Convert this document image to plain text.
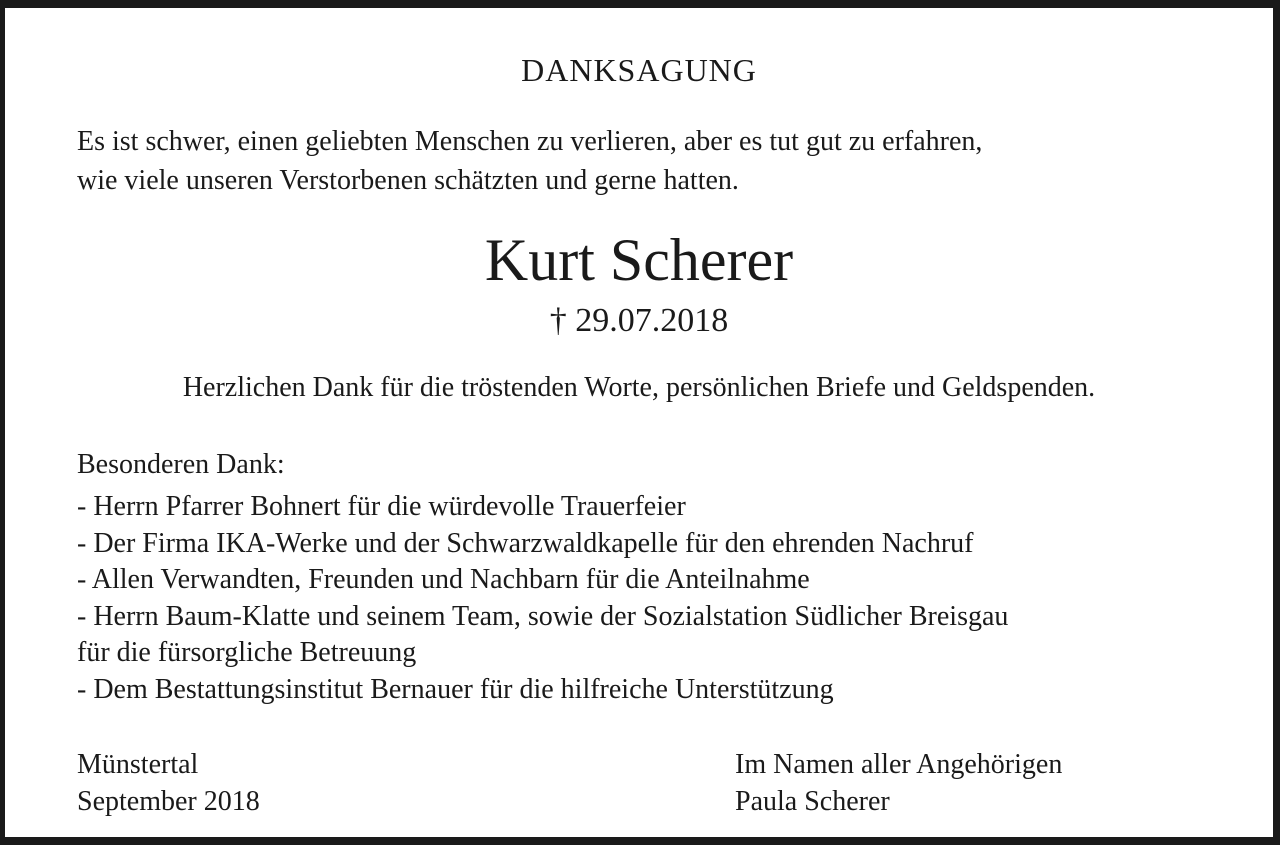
DANKSAGUNG
Es ist schwer, einen geliebten Menschen zu verlieren, aber es tut gut zu erfahren,
wie viele unseren Verstorbenen schätzten und gerne hatten.
Kurt Scherer
† 29.07.2018
Herzlichen Dank für die tröstenden Worte, persönlichen Briefe und Geldspenden.
Besonderen Dank:
- Herrn Pfarrer Bohnert für die würdevolle Trauerfeier
- Der Firma IKA-Werke und der Schwarzwaldkapelle für den ehrenden Nachruf
- Allen Verwandten, Freunden und Nachbarn für die Anteilnahme
- Herrn Baum-Klatte und seinem Team, sowie der Sozialstation Südlicher Breisgau
für die fürsorgliche Betreuung
- Dem Bestattungsinstitut Bernauer für die hilfreiche Unterstützung
Münstertal
September 2018
Im Namen aller Angehörigen
Paula Scherer
